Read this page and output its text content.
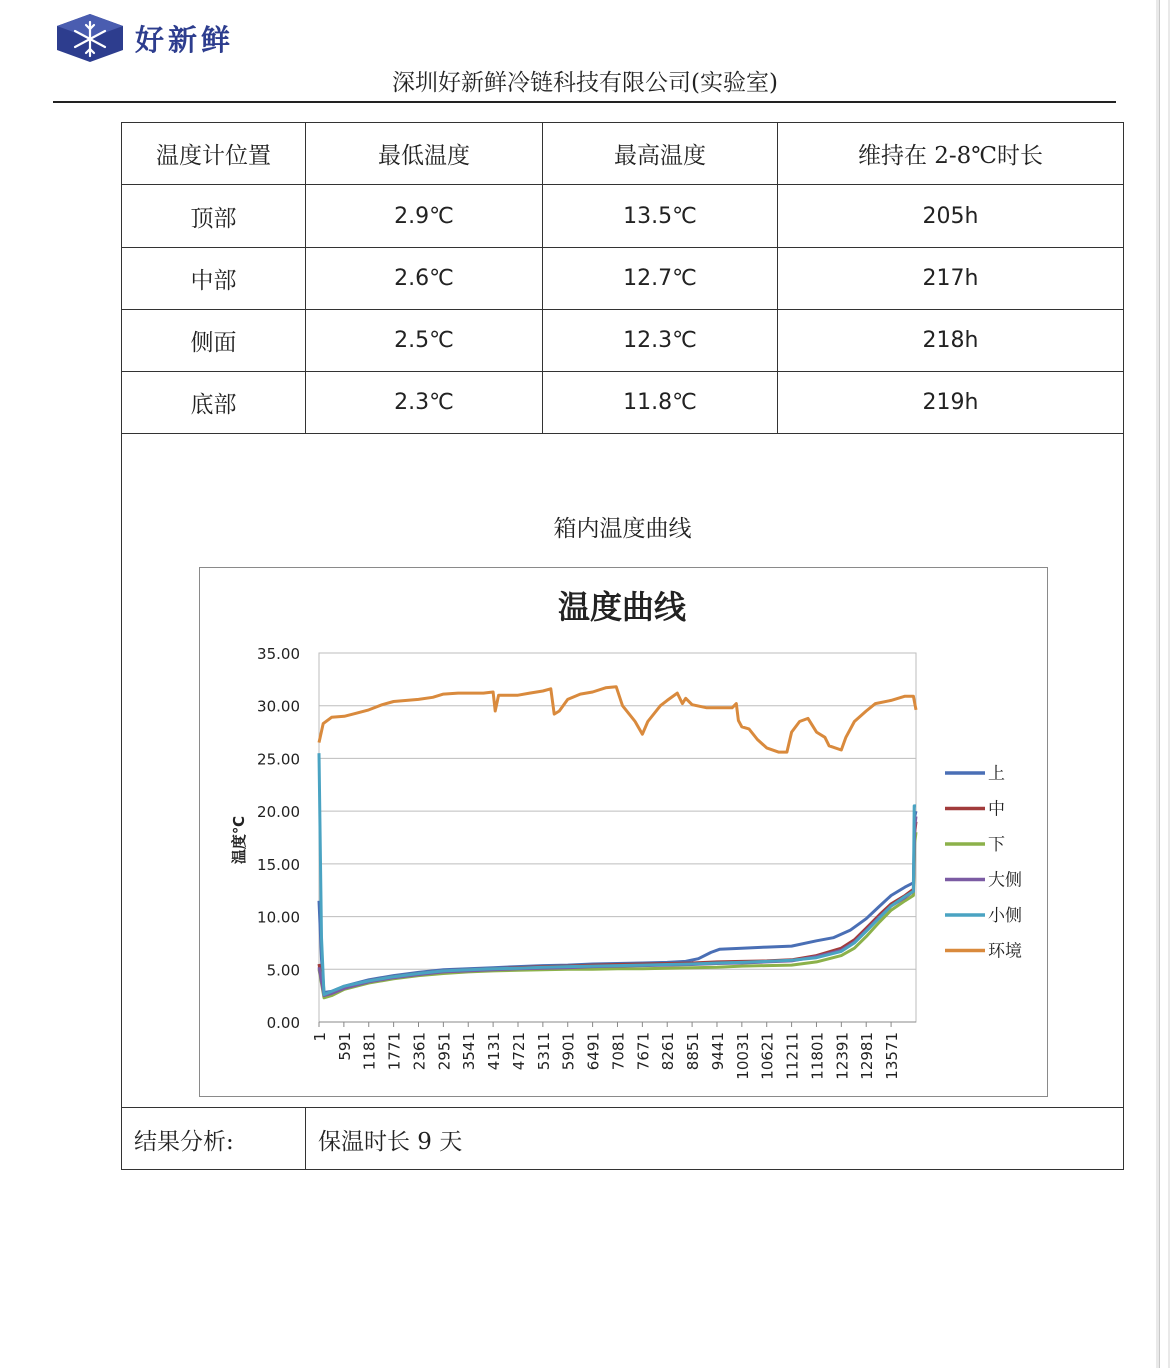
好新鲜
深圳好新鲜冷链科技有限公司(实验室)
温度计位置	最低温度	最高温度	维持在 2-8℃时长
顶部	2.9℃	13.5℃	205h
中部	2.6℃	12.7℃	217h
侧面	2.5℃	12.3℃	218h
底部	2.3℃	11.8℃	219h
箱内温度曲线
温度曲线
温度℃
35.00
30.00
25.00
20.00
15.00
10.00
5.00
0.00
1 591 1181 1771 2361 2951 3541 4131 4721 5311 5901 6491 7081 7671 8261 8851 9441 10031 10621 11211 11801 12391 12981 13571
上
中
下
大侧
小侧
环境
结果分析:	保温时长 9 天
